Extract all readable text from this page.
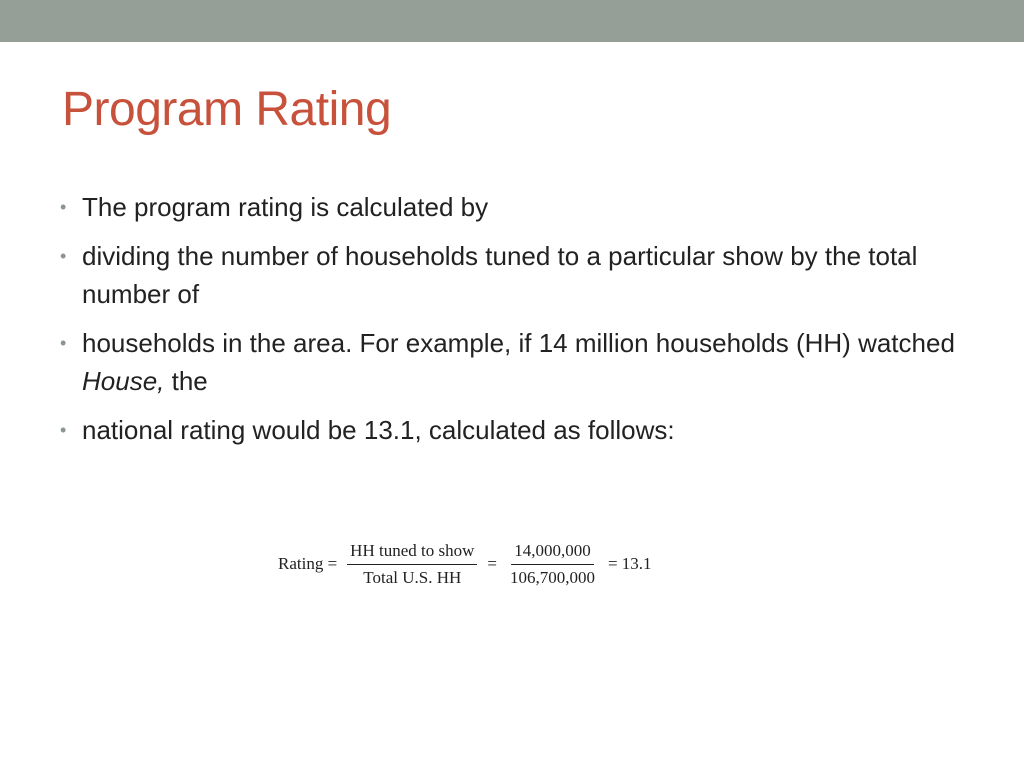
Program Rating
• The program rating is calculated by
• dividing the number of households tuned to a particular show by the total number of
• households in the area. For example, if 14 million households (HH) watched House, the
• national rating would be 13.1, calculated as follows:
Rating = $\frac{\text{HH tuned to show}}{\text{Total U.S. HH}} = \frac{14,000,000}{106,700,000} = 13.1$
